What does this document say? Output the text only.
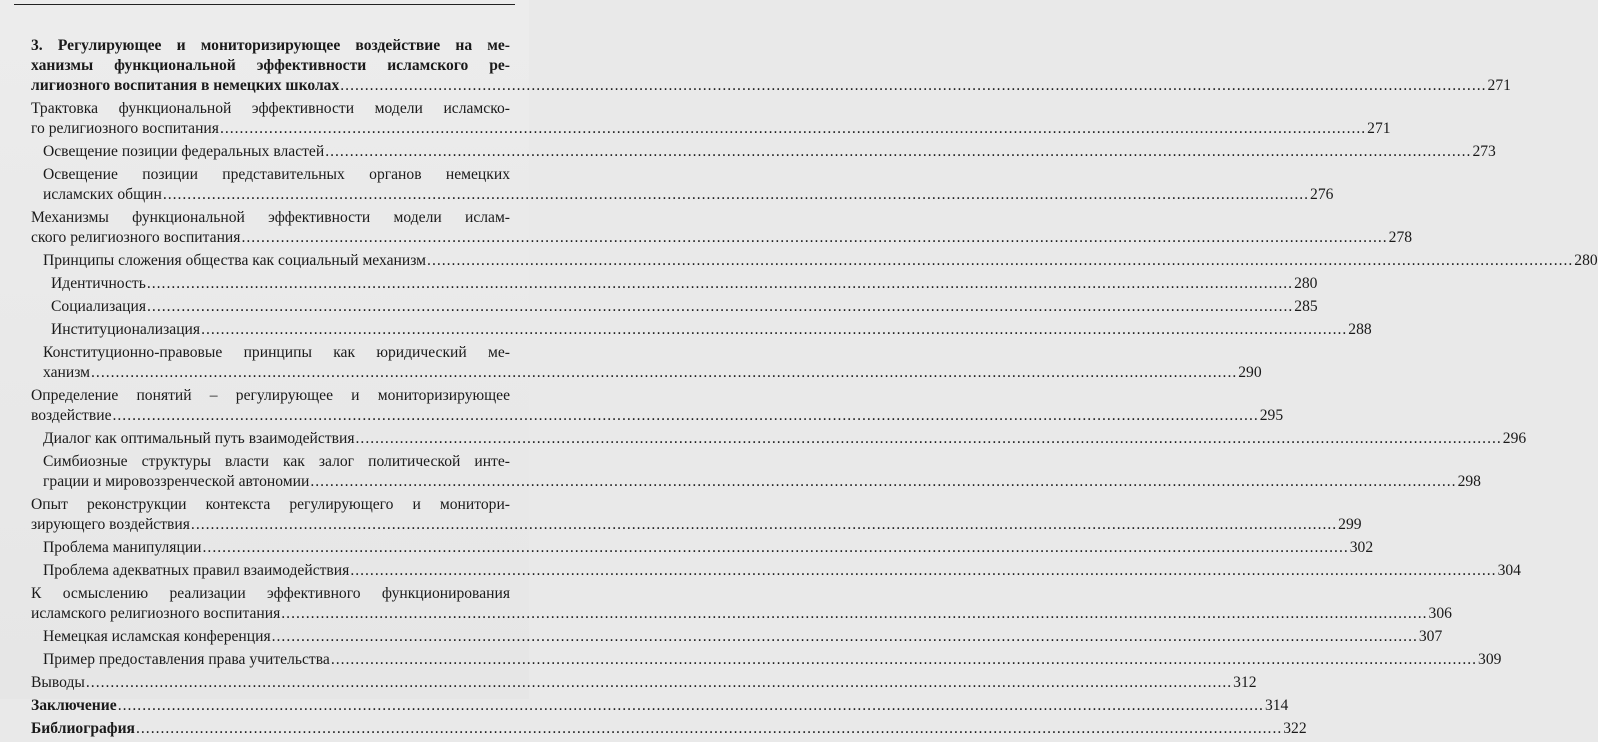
3. Регулирующее и мониторизирующее воздействие на ме-
ханизмы функциональной эффективности исламского ре-
лигиозного воспитания в немецких школах .....	271
Трактовка функциональной эффективности модели исламско-
го религиозного воспитания .....	271
Освещение позиции федеральных властей .....	273
Освещение позиции представительных органов немецких
исламских общин .....	276
Механизмы функциональной эффективности модели ислам-
ского религиозного воспитания .....	278
Принципы сложения общества как социальный механизм .....	280
Идентичность .....	280
Социализация .....	285
Институционализация .....	288
Конституционно-правовые принципы как юридический ме-
ханизм .....	290
Определение понятий – регулирующее и мониторизирующее
воздействие .....	295
Диалог как оптимальный путь взаимодействия .....	296
Симбиозные структуры власти как залог политической инте-
грации и мировоззренческой автономии .....	298
Опыт реконструкции контекста регулирующего и монитори-
зирующего воздействия .....	299
Проблема манипуляции .....	302
Проблема адекватных правил взаимодействия .....	304
К осмыслению реализации эффективного функционирования
исламского религиозного воспитания .....	306
Немецкая исламская конференция .....	307
Пример предоставления права учительства .....	309
Выводы .....	312
Заключение .....	314
Библиография .....	322
